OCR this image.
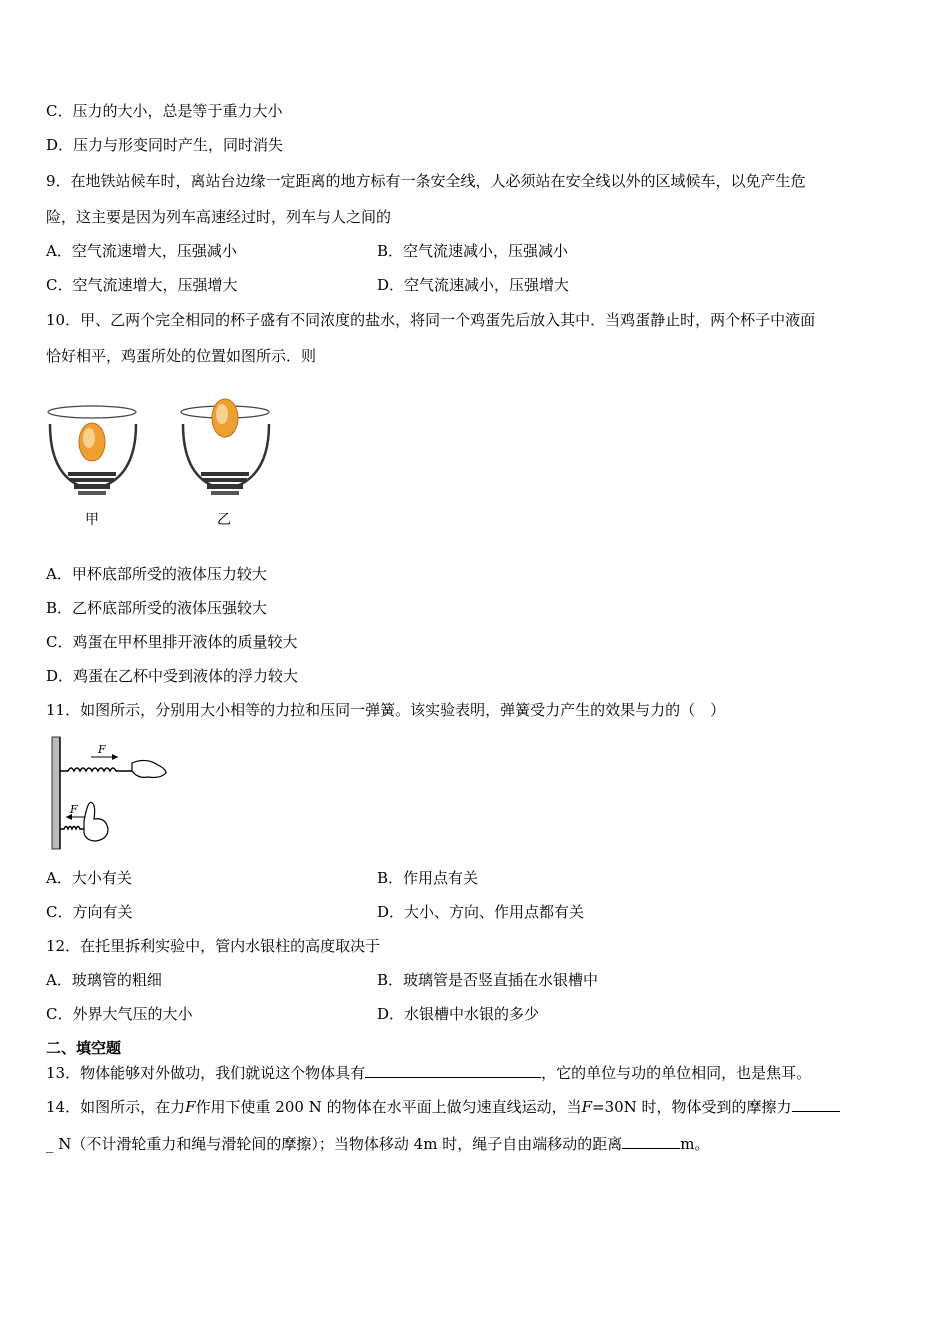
C．压力的大小，总是等于重力大小
D．压力与形变同时产生，同时消失
9．在地铁站候车时，离站台边缘一定距离的地方标有一条安全线，人必须站在安全线以外的区域候车，以免产生危
险，这主要是因为列车高速经过时，列车与人之间的
A．空气流速增大，压强减小	B．空气流速减小，压强减小
C．空气流速增大，压强增大	D．空气流速减小，压强增大
10．甲、乙两个完全相同的杯子盛有不同浓度的盐水，将同一个鸡蛋先后放入其中．当鸡蛋静止时，两个杯子中液面
恰好相平，鸡蛋所处的位置如图所示．则
甲	乙
A．甲杯底部所受的液体压力较大
B．乙杯底部所受的液体压强较大
C．鸡蛋在甲杯里排开液体的质量较大
D．鸡蛋在乙杯中受到液体的浮力较大
11．如图所示，分别用大小相等的力拉和压同一弹簧。该实验表明，弹簧受力产生的效果与力的（　）
F
F
A．大小有关	B．作用点有关
C．方向有关	D．大小、方向、作用点都有关
12．在托里拆利实验中，管内水银柱的高度取决于
A．玻璃管的粗细	B．玻璃管是否竖直插在水银槽中
C．外界大气压的大小	D．水银槽中水银的多少
二、填空题
13．物体能够对外做功，我们就说这个物体具有	，它的单位与功的单位相同，也是焦耳。
14．如图所示，在力F作用下使重 200 N 的物体在水平面上做匀速直线运动，当F=30N 时，物体受到的摩擦力
_ N（不计滑轮重力和绳与滑轮间的摩擦）；当物体移动 4m 时，绳子自由端移动的距离	m。
